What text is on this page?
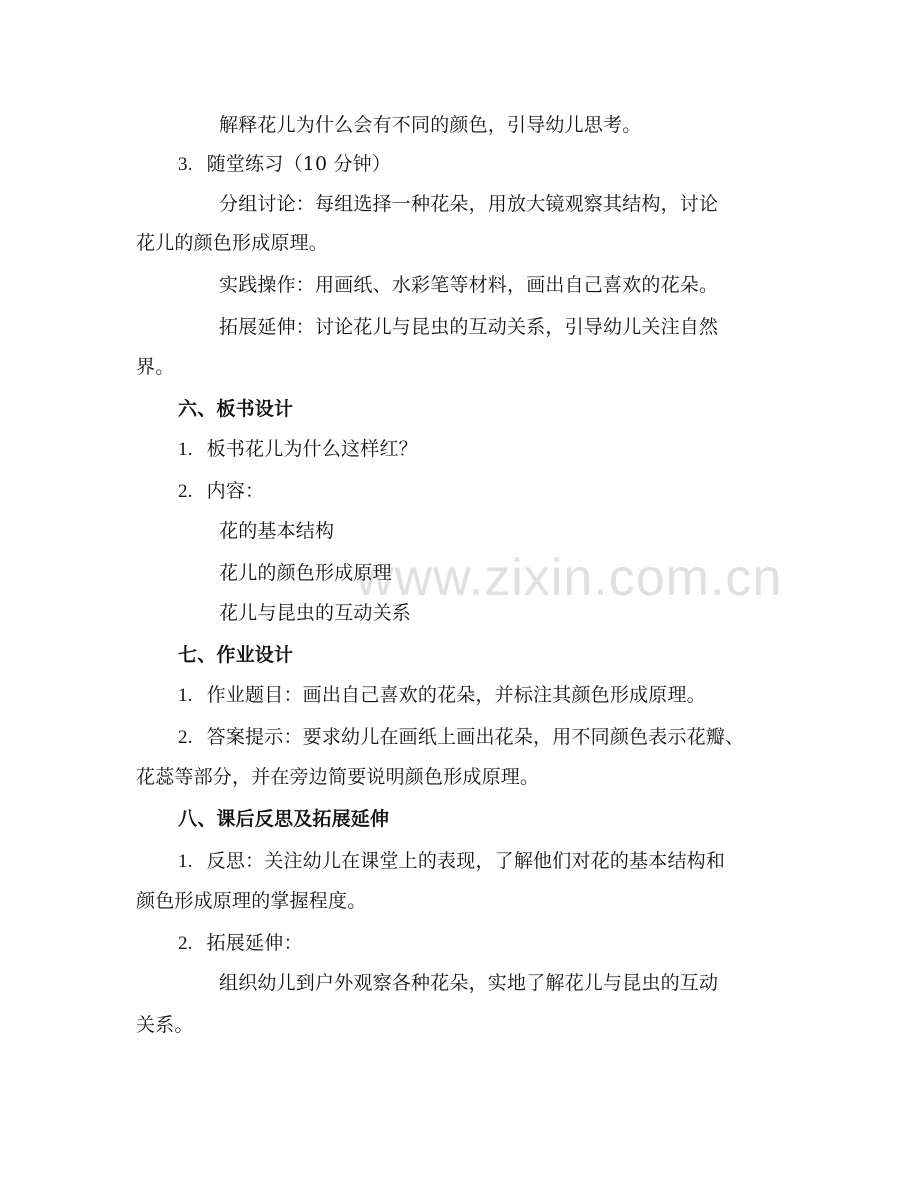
www.zixin.com.cn
解释花儿为什么会有不同的颜色，引导幼儿思考。
3. 随堂练习（10 分钟）
分组讨论：每组选择一种花朵，用放大镜观察其结构，讨论
花儿的颜色形成原理。
实践操作：用画纸、水彩笔等材料，画出自己喜欢的花朵。
拓展延伸：讨论花儿与昆虫的互动关系，引导幼儿关注自然
界。
六、板书设计
1. 板书花儿为什么这样红？
2. 内容：
花的基本结构
花儿的颜色形成原理
花儿与昆虫的互动关系
七、作业设计
1. 作业题目：画出自己喜欢的花朵，并标注其颜色形成原理。
2. 答案提示：要求幼儿在画纸上画出花朵，用不同颜色表示花瓣、
花蕊等部分，并在旁边简要说明颜色形成原理。
八、课后反思及拓展延伸
1. 反思：关注幼儿在课堂上的表现，了解他们对花的基本结构和
颜色形成原理的掌握程度。
2. 拓展延伸：
组织幼儿到户外观察各种花朵，实地了解花儿与昆虫的互动
关系。
